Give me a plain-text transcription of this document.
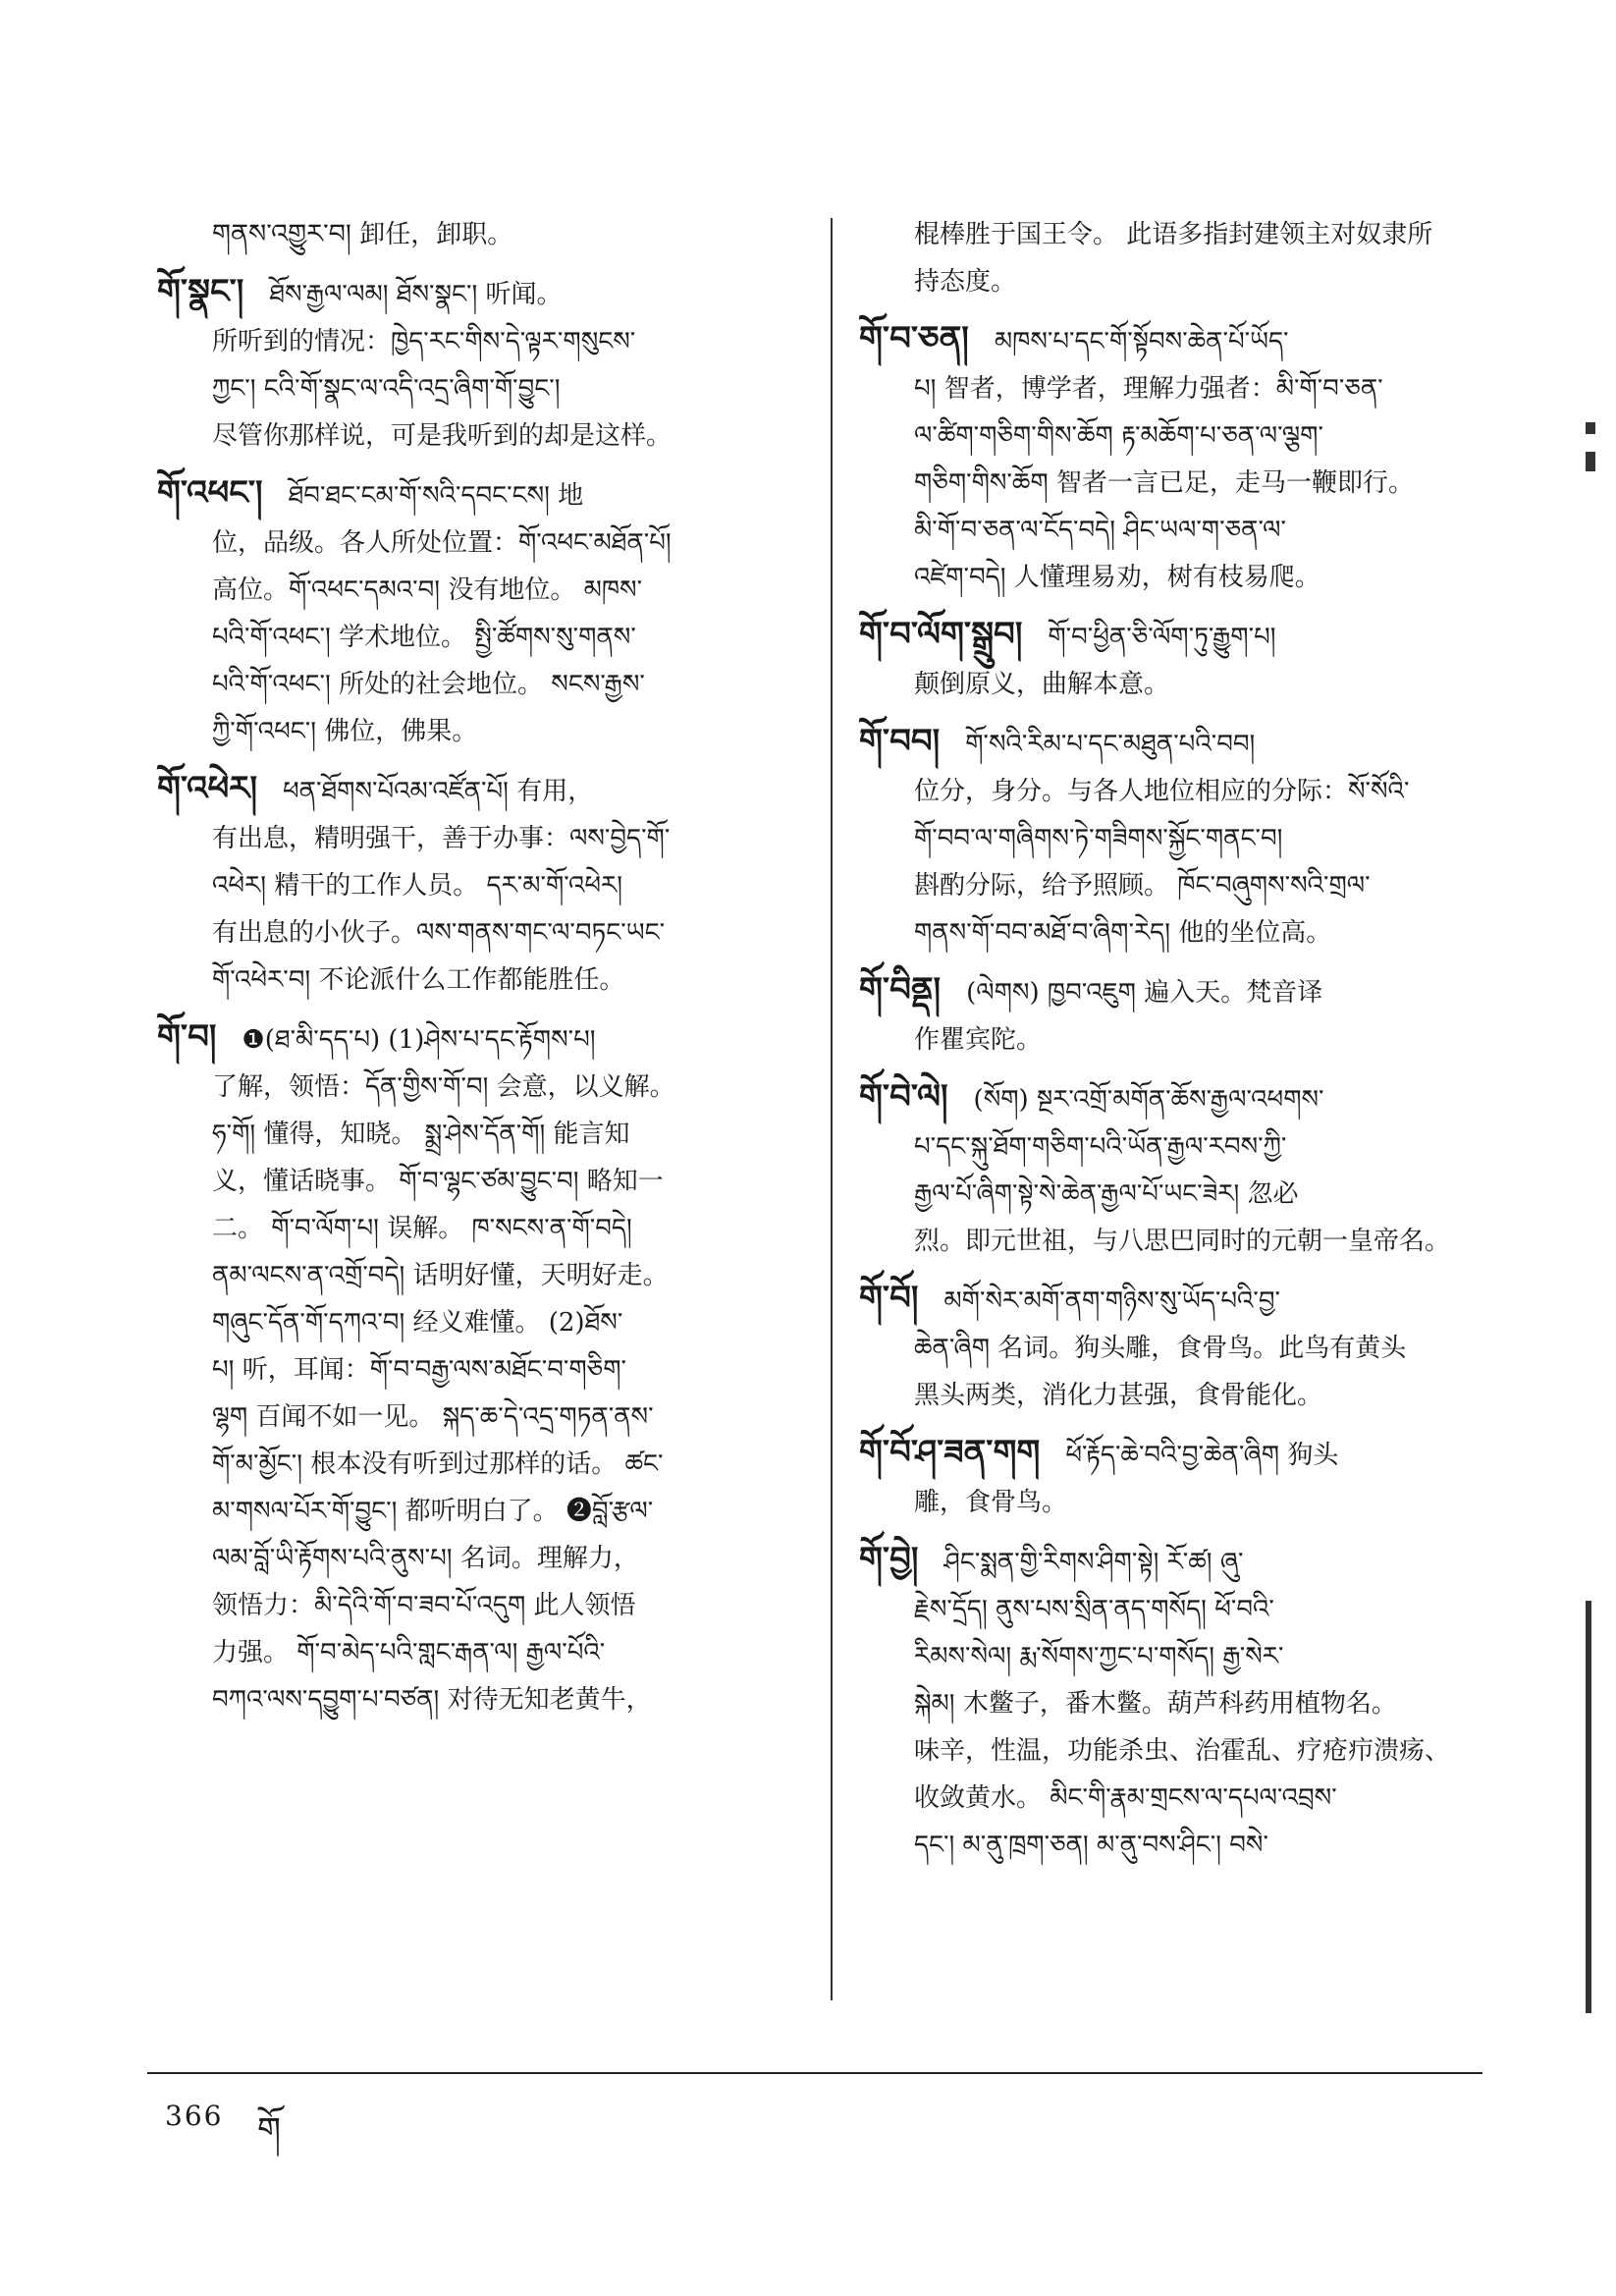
གནས་འགྱུར་བ། 卸任，卸职。

གོ་སྣང་། ཐོས་རྒྱལ་ལམ། ཐོས་སྣང་། 听闻。

所听到的情况：ཁྱེད་རང་གིས་དེ་ལྟར་གསུངས་

ཀྱང་། ངའི་གོ་སྣང་ལ་འདི་འདྲ་ཞིག་གོ་བྱུང་།

尽管你那样说，可是我听到的却是这样。

གོ་འཕང་། ཐོབ་ཐང་ངམ་གོ་སའི་དབང་ངས། 地

位，品级。各人所处位置：གོ་འཕང་མཐོན་པོ།

高位。གོ་འཕང་དམའ་བ། 没有地位。 མཁས་

པའི་གོ་འཕང་། 学术地位。 སྤྱི་ཚོགས་སུ་གནས་

པའི་གོ་འཕང་། 所处的社会地位。 སངས་རྒྱས་

ཀྱི་གོ་འཕང་། 佛位，佛果。

གོ་འཕེར། ཕན་ཐོགས་པོའམ་འཛོན་པོ། 有用，

有出息，精明强干，善于办事：ལས་བྱེད་གོ་

འཕེར། 精干的工作人员。 དར་མ་གོ་འཕེར།

有出息的小伙子。ལས་གནས་གང་ལ་བཏང་ཡང་

གོ་འཕེར་བ། 不论派什么工作都能胜任。

གོ་བ། ❶(ཐ་མི་དད་པ) (1)ཤེས་པ་དང་རྟོགས་པ།

了解，领悟：དོན་གྱིས་གོ་བ། 会意，以义解。

ཧ་གོ། 懂得，知晓。 སྨྲ་ཤེས་དོན་གོ། 能言知

义，懂话晓事。 གོ་བ་ལྷང་ཙམ་བྱུང་བ། 略知一

二。 གོ་བ་ལོག་པ། 误解。 ཁ་སངས་ན་གོ་བདེ།

ནམ་ལངས་ན་འགྲོ་བདེ། 话明好懂，天明好走。

གཞུང་དོན་གོ་དཀའ་བ། 经义难懂。 (2)ཐོས་

པ། 听，耳闻：གོ་བ་བརྒྱ་ལས་མཐོང་བ་གཅིག་

ལྷག 百闻不如一见。 སྐད་ཆ་དེ་འདྲ་གཏན་ནས་

གོ་མ་མྱོང་། 根本没有听到过那样的话。 ཚང་

མ་གསལ་པོར་གོ་བྱུང་། 都听明白了。 ❷བློ་རྩལ་

ལམ་བློ་ཡི་རྟོགས་པའི་ནུས་པ། 名词。理解力，

领悟力：མི་དེའི་གོ་བ་ཟབ་པོ་འདུག 此人领悟

力强。 གོ་བ་མེད་པའི་གླང་རྒན་ལ། རྒྱལ་པོའི་

བཀའ་ལས་དབྱུག་པ་བཙན། 对待无知老黄牛，

棍棒胜于国王令。 此语多指封建领主对奴隶所

持态度。

གོ་བ་ཅན། མཁས་པ་དང་གོ་སྟོབས་ཆེན་པོ་ཡོད་

པ། 智者，博学者，理解力强者：མི་གོ་བ་ཅན་

ལ་ཚིག་གཅིག་གིས་ཆོག རྟ་མཆོག་པ་ཅན་ལ་ལྕག་

གཅིག་གིས་ཆོག 智者一言已足，走马一鞭即行。

མི་གོ་བ་ཅན་ལ་ངོད་བདེ། ཤིང་ཡལ་ག་ཅན་ལ་

འཛེག་བདེ། 人懂理易劝，树有枝易爬。

གོ་བ་ལོག་སྒྲུབ། གོ་བ་ཕྱིན་ཅི་ལོག་ཏུ་རྒྱུག་པ།

颠倒原义，曲解本意。

གོ་བབ། གོ་སའི་རིམ་པ་དང་མཐུན་པའི་བབ།

位分，身分。与各人地位相应的分际：སོ་སོའི་

གོ་བབ་ལ་གཞིགས་ཏེ་གཟིགས་སྐྱོང་གནང་བ།

斟酌分际，给予照顾。 ཁོང་བཞུགས་སའི་གྲལ་

གནས་གོ་བབ་མཐོ་བ་ཞིག་རེད། 他的坐位高。

གོ་བིནྡ། (ལེགས) ཁྱབ་འཇུག 遍入天。梵音译

作瞿宾陀。

གོ་བེ་ལེ། (སོག) སྔར་འགྲོ་མགོན་ཆོས་རྒྱལ་འཕགས་

པ་དང་སྐུ་ཐོག་གཅིག་པའི་ཡོན་རྒྱལ་རབས་ཀྱི་

རྒྱལ་པོ་ཞིག་སྟེ་སེ་ཆེན་རྒྱལ་པོ་ཡང་ཟེར། 忽必

烈。即元世祖，与八思巴同时的元朝一皇帝名。

གོ་བོ། མགོ་སེར་མགོ་ནག་གཉིས་སུ་ཡོད་པའི་བྱ་

ཆེན་ཞིག 名词。狗头雕，食骨鸟。此鸟有黄头

黑头两类，消化力甚强，食骨能化。

གོ་བོ་ཤ་ཟན་གག ཕོ་རྟོད་ཆེ་བའི་བྱ་ཆེན་ཞིག 狗头

雕，食骨鸟。

གོ་བྱེ། ཤིང་སྨན་གྱི་རིགས་ཤིག་སྟེ། རོ་ཚ། ཞུ་

རྗེས་དྲོད། ནུས་པས་སྲིན་ནད་གསོད། ཕོ་བའི་

རིམས་སེལ། རྨ་སོགས་ཀྱང་པ་གསོད། རྒྱ་སེར་

སྐེམ། 木鳖子，番木鳖。葫芦科药用植物名。

味辛，性温，功能杀虫、治霍乱、疗疮疖溃疡、

收敛黄水。 མིང་གི་རྣམ་གྲངས་ལ་དཔལ་འབྲས་

དང་། མ་ནུ་ཁྲག་ཅན། མ་ནུ་བས་ཤིང་། བསེ་

366 གོ
